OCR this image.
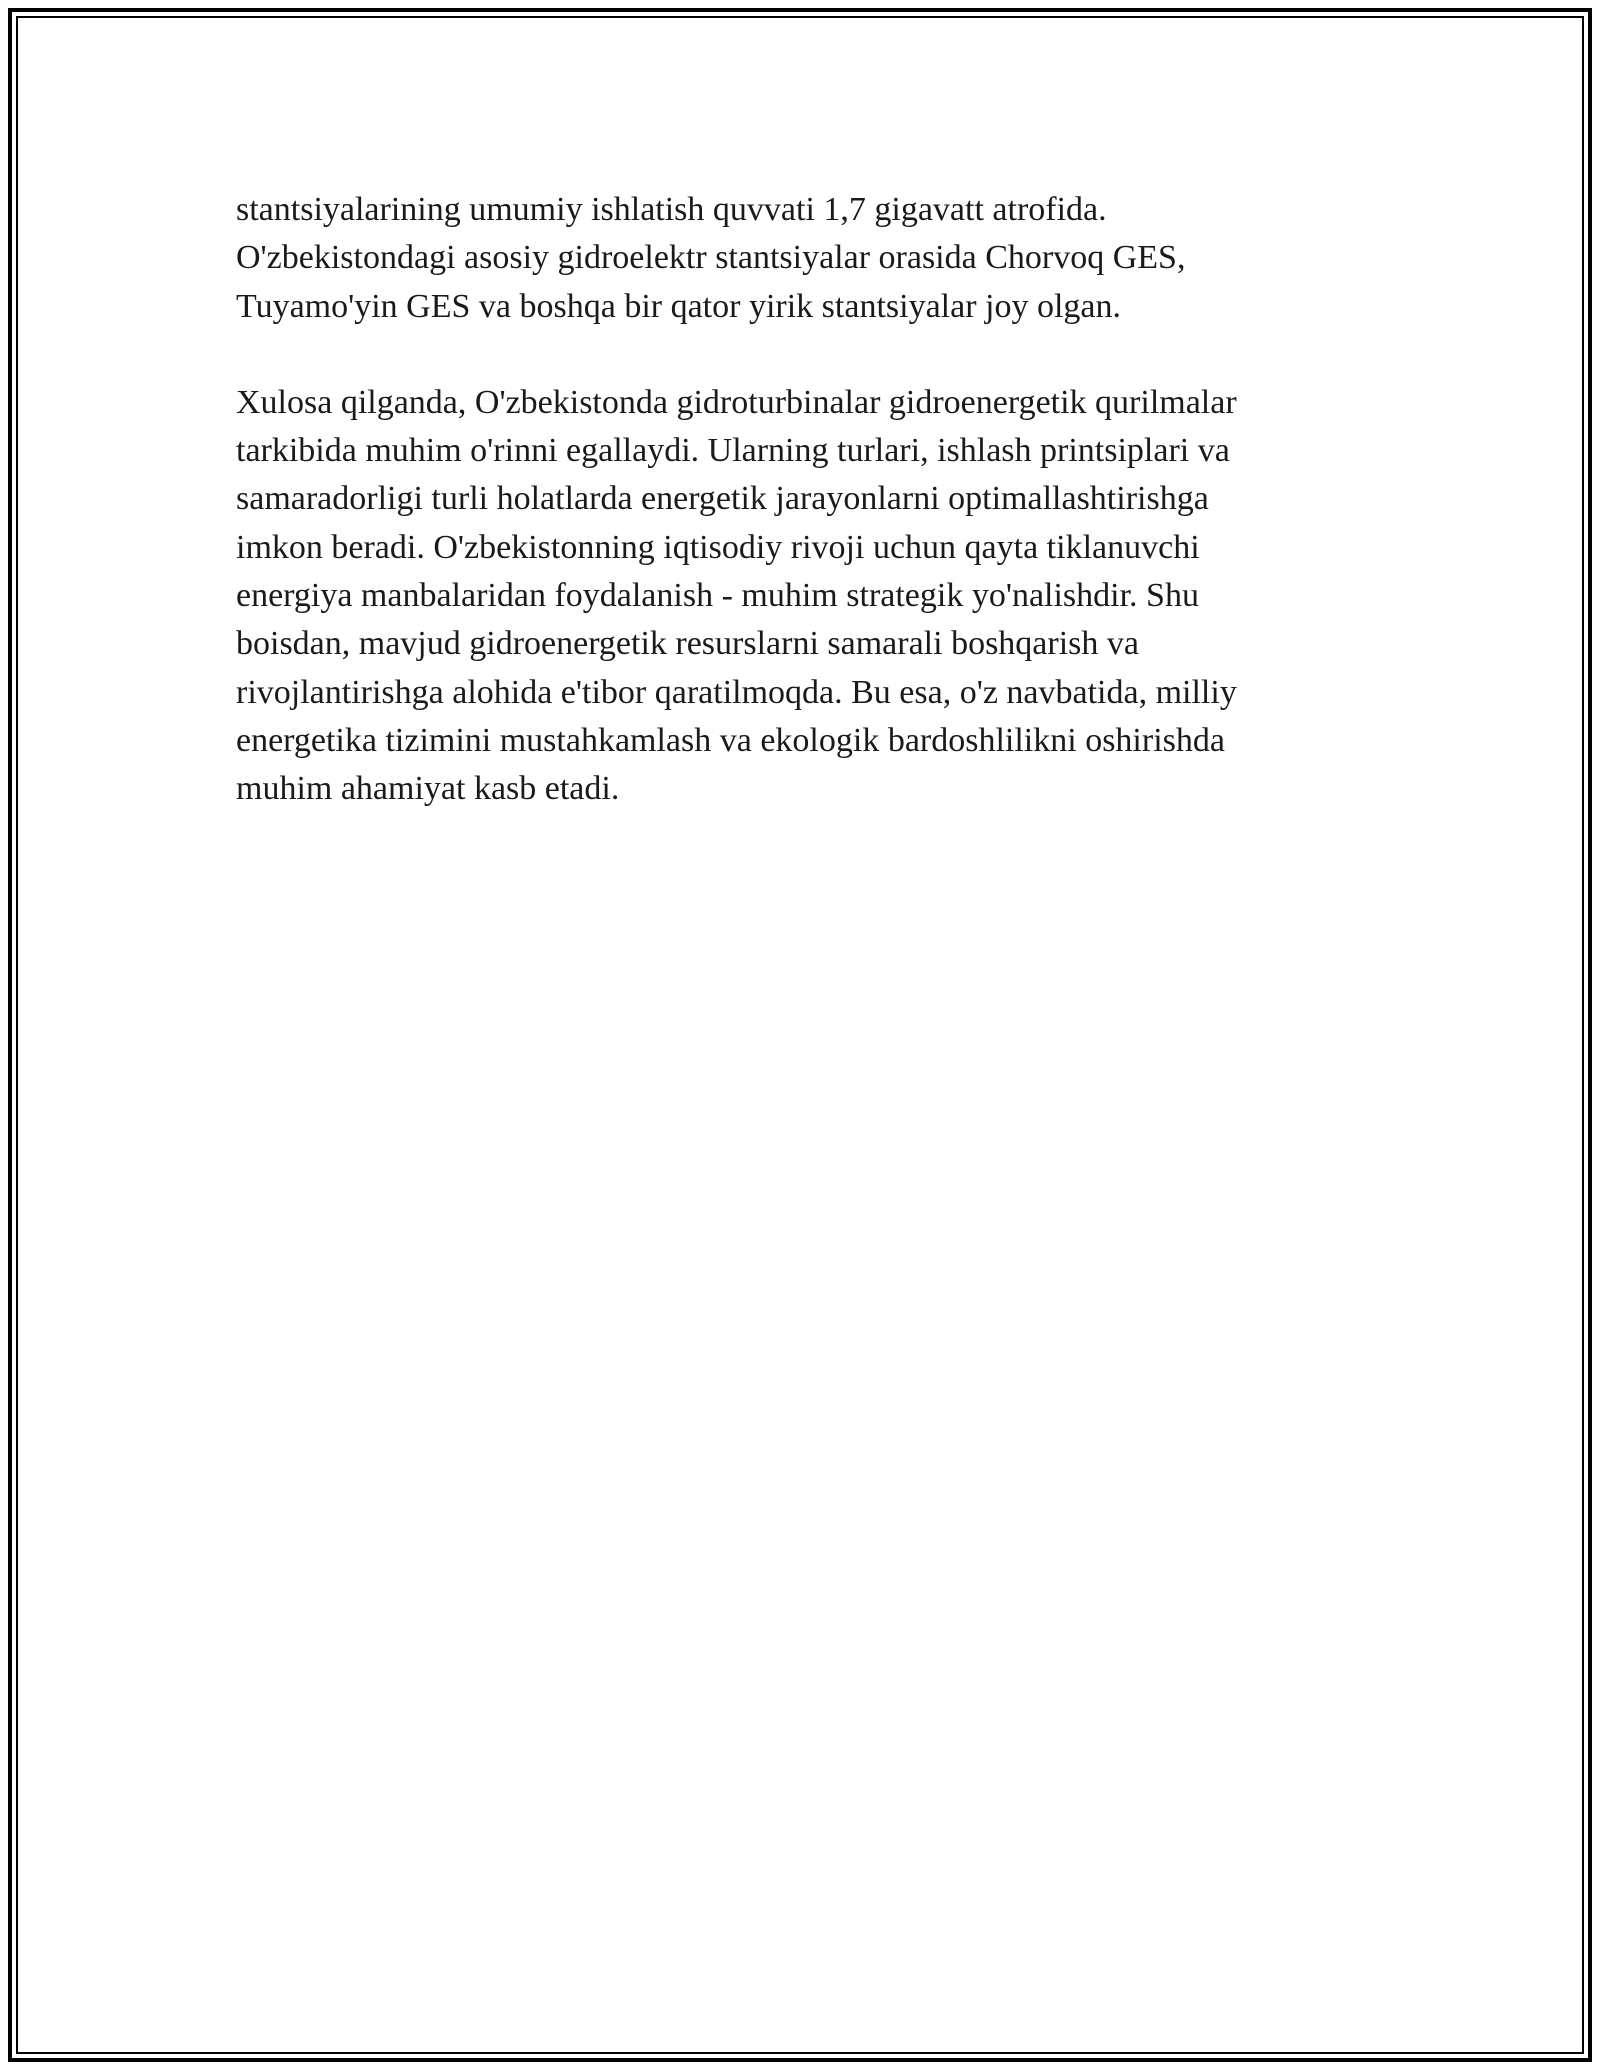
stantsiyalarining umumiy ishlatish quvvati 1,7 gigavatt atrofida.
O'zbekistondagi asosiy gidroelektr stantsiyalar orasida Chorvoq GES,
Tuyamo'yin GES va boshqa bir qator yirik stantsiyalar joy olgan.

Xulosa qilganda, O'zbekistonda gidroturbinalar gidroenergetik qurilmalar
tarkibida muhim o'rinni egallaydi. Ularning turlari, ishlash printsiplari va
samaradorligi turli holatlarda energetik jarayonlarni optimallashtirishga
imkon beradi. O'zbekistonning iqtisodiy rivoji uchun qayta tiklanuvchi
energiya manbalaridan foydalanish - muhim strategik yo'nalishdir. Shu
boisdan, mavjud gidroenergetik resurslarni samarali boshqarish va
rivojlantirishga alohida e'tibor qaratilmoqda. Bu esa, o'z navbatida, milliy
energetika tizimini mustahkamlash va ekologik bardoshlilikni oshirishda
muhim ahamiyat kasb etadi.
